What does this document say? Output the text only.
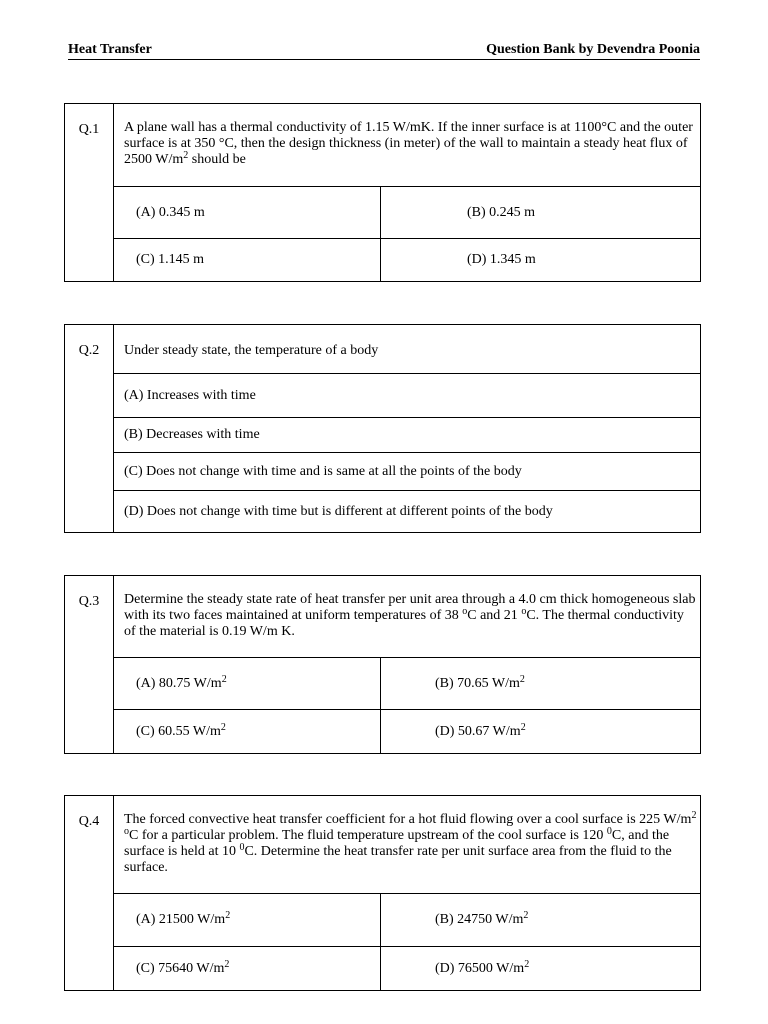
Heat Transfer	Question Bank by Devendra Poonia
Q.1	A plane wall has a thermal conductivity of 1.15 W/mK. If the inner surface is at 1100°C and the outer surface is at 350 °C, then the design thickness (in meter) of the wall to maintain a steady heat flux of 2500 $W/m^2$ should be	
	(A) 0.345 m	(B) 0.245 m
	(C) 1.145 m	(D) 1.345 m
Q.2	Under steady state, the temperature of a body
(A) Increases with time
(B) Decreases with time
(C) Does not change with time and is same at all the points of the body
(D) Does not change with time but is different at different points of the body
Q.3	Determine the steady state rate of heat transfer per unit area through a 4.0 cm thick homogeneous slab with its two faces maintained at uniform temperatures of 38 $^o$C and 21 $^o$C. The thermal conductivity of the material is 0.19 W/m K.	
	(A) 80.75 $W/m^2$	(B) 70.65 $W/m^2$
	(C) 60.55 $W/m^2$	(D) 50.67 $W/m^2$
Q.4	The forced convective heat transfer coefficient for a hot fluid flowing over a cool surface is 225 $W/m^2$ $^o$C for a particular problem. The fluid temperature upstream of the cool surface is 120 $^0$C, and the surface is held at 10 $^0$C. Determine the heat transfer rate per unit surface area from the fluid to the surface.	
	(A) 21500 $W/m^2$	(B) 24750 $W/m^2$
	(C) 75640 $W/m^2$	(D) 76500 $W/m^2$
